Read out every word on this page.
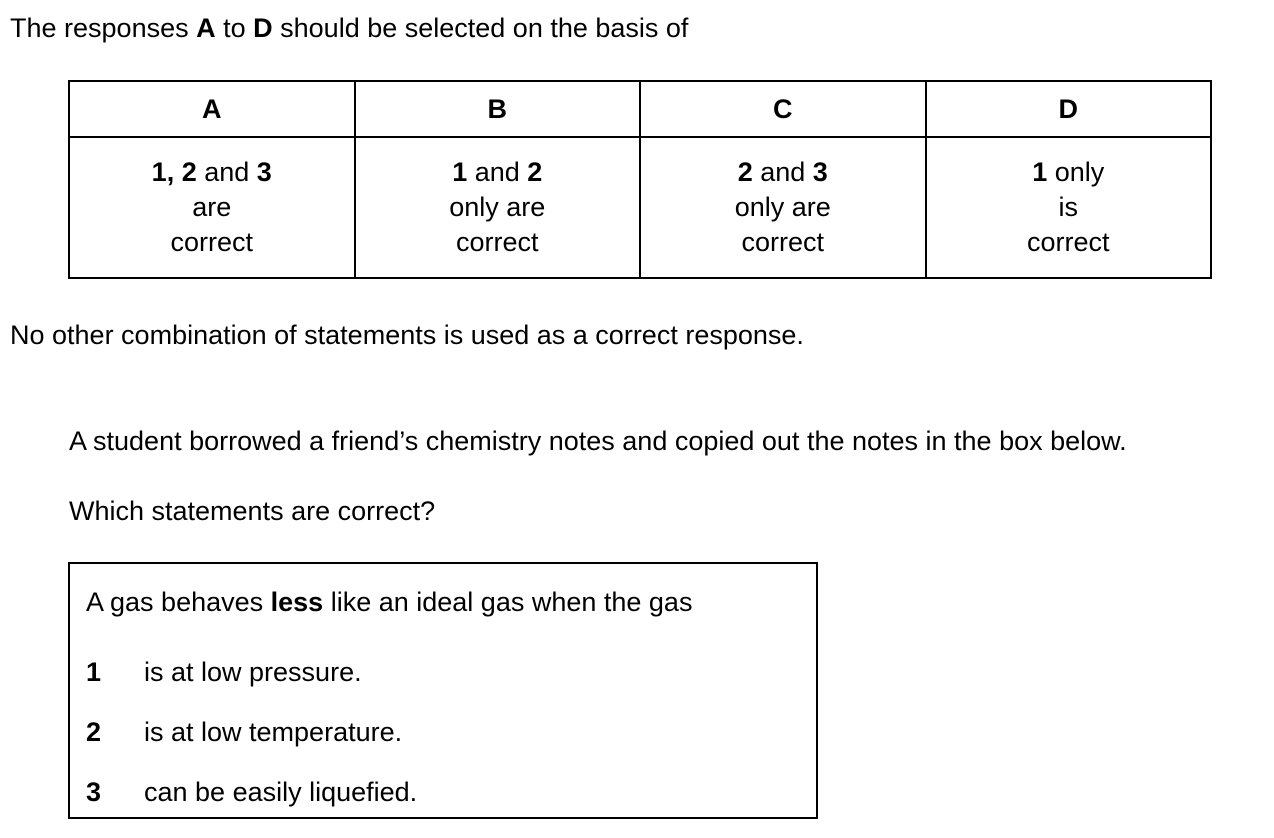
The responses A to D should be selected on the basis of
A	B	C	D

1, 2 and 3
are
correct	1 and 2
only are
correct	2 and 3
only are
correct	1 only
is
correct
No other combination of statements is used as a correct response.
A student borrowed a friend’s chemistry notes and copied out the notes in the box below.
Which statements are correct?
A gas behaves less like an ideal gas when the gas
1 is at low pressure.
2 is at low temperature.
3 can be easily liquefied.
